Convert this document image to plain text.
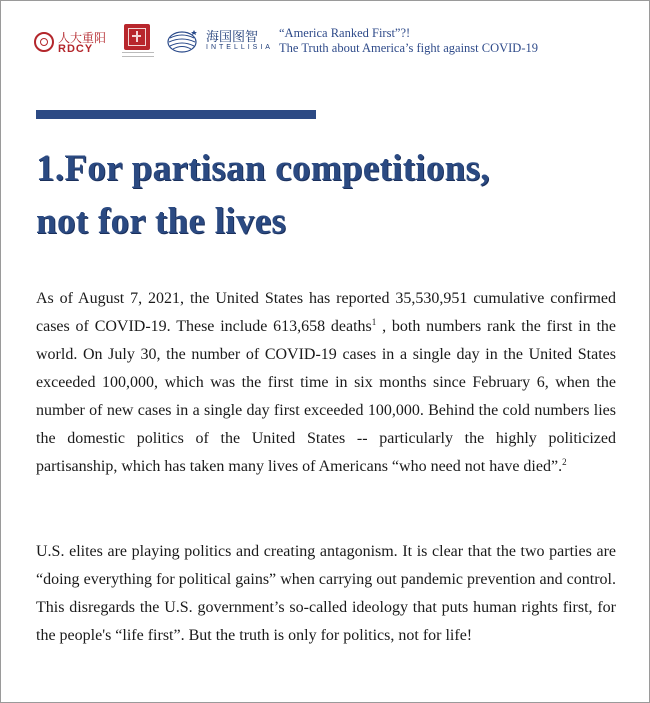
人大重阳
RDCY
海国图智
INTELLISIA
“America Ranked First”?!
The Truth about America’s fight against COVID-19
1.For partisan competitions,
not for the lives
As of August 7, 2021, the United States has reported 35,530,951 cumulative confirmed cases of COVID-19. These include 613,658 deaths$^1$ , both numbers rank the first in the world. On July 30, the number of COVID-19 cases in a single day in the United States exceeded 100,000, which was the first time in six months since February 6, when the number of new cases in a single day first exceeded 100,000. Behind the cold numbers lies the domestic politics of the United States -- particularly the highly politicized partisanship, which has taken many lives of Americans “who need not have died”.$^2$
U.S. elites are playing politics and creating antagonism. It is clear that the two parties are “doing everything for political gains” when carrying out pandemic prevention and control. This disregards the U.S. government’s so-called ideology that puts human rights first, for the people's “life first”. But the truth is only for politics, not for life!
